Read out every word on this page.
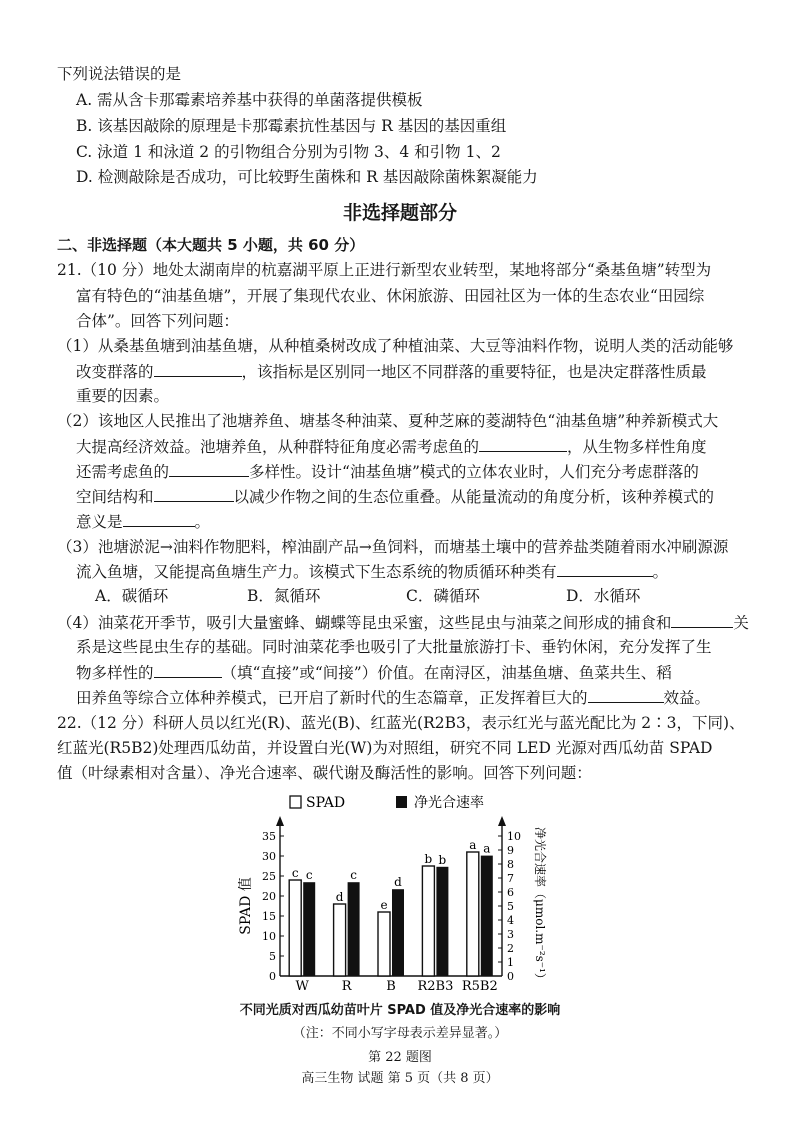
下列说法错误的是
A. 需从含卡那霉素培养基中获得的单菌落提供模板
B. 该基因敲除的原理是卡那霉素抗性基因与 R 基因的基因重组
C. 泳道 1 和泳道 2 的引物组合分别为引物 3、4 和引物 1、2
D. 检测敲除是否成功，可比较野生菌株和 R 基因敲除菌株絮凝能力
非选择题部分
二、非选择题（本大题共 5 小题，共 60 分）
21.（10 分）地处太湖南岸的杭嘉湖平原上正进行新型农业转型，某地将部分“桑基鱼塘”转型为
富有特色的“油基鱼塘”，开展了集现代农业、休闲旅游、田园社区为一体的生态农业“田园综
合体”。回答下列问题：
（1）从桑基鱼塘到油基鱼塘，从种植桑树改成了种植油菜、大豆等油料作物，说明人类的活动能够
改变群落的	，该指标是区别同一地区不同群落的重要特征，也是决定群落性质最
重要的因素。
（2）该地区人民推出了池塘养鱼、塘基冬种油菜、夏种芝麻的菱湖特色“油基鱼塘”种养新模式大
大提高经济效益。池塘养鱼，从种群特征角度必需考虑鱼的	，从生物多样性角度
还需考虑鱼的	多样性。设计“油基鱼塘”模式的立体农业时，人们充分考虑群落的
空间结构和	以减少作物之间的生态位重叠。从能量流动的角度分析，该种养模式的
意义是	。
（3）池塘淤泥→油料作物肥料，榨油副产品→鱼饲料，而塘基土壤中的营养盐类随着雨水冲刷源源
流入鱼塘，又能提高鱼塘生产力。该模式下生态系统的物质循环种类有	。
A．碳循环	B．氮循环	C．磷循环	D．水循环
（4）油菜花开季节，吸引大量蜜蜂、蝴蝶等昆虫采蜜，这些昆虫与油菜之间形成的捕食和	关
系是这些昆虫生存的基础。同时油菜花季也吸引了大批量旅游打卡、垂钓休闲，充分发挥了生
物多样性的	（填“直接”或“间接”）价值。在南浔区，油基鱼塘、鱼菜共生、稻
田养鱼等综合立体种养模式，已开启了新时代的生态篇章，正发挥着巨大的	效益。
22.（12 分）科研人员以红光(R)、蓝光(B)、红蓝光(R2B3，表示红光与蓝光配比为 2∶3，下同)、
红蓝光(R5B2)处理西瓜幼苗，并设置白光(W)为对照组，研究不同 LED 光源对西瓜幼苗 SPAD
值（叶绿素相对含量）、净光合速率、碳代谢及酶活性的影响。回答下列问题：
SPAD	净光合速率
0
5
10
15
20
25
30
35
SPAD 值
0
1
2
3
4
5
6
7
8
9
10 净光合速率（μmol.m⁻²s⁻¹）
c c
W
d
c
R
e
d
B
b b
R2B3
a a
R5B2
不同光质对西瓜幼苗叶片 SPAD 值及净光合速率的影响
（注：不同小写字母表示差异显著。）
第 22 题图
高三生物 试题 第 5 页（共 8 页）
